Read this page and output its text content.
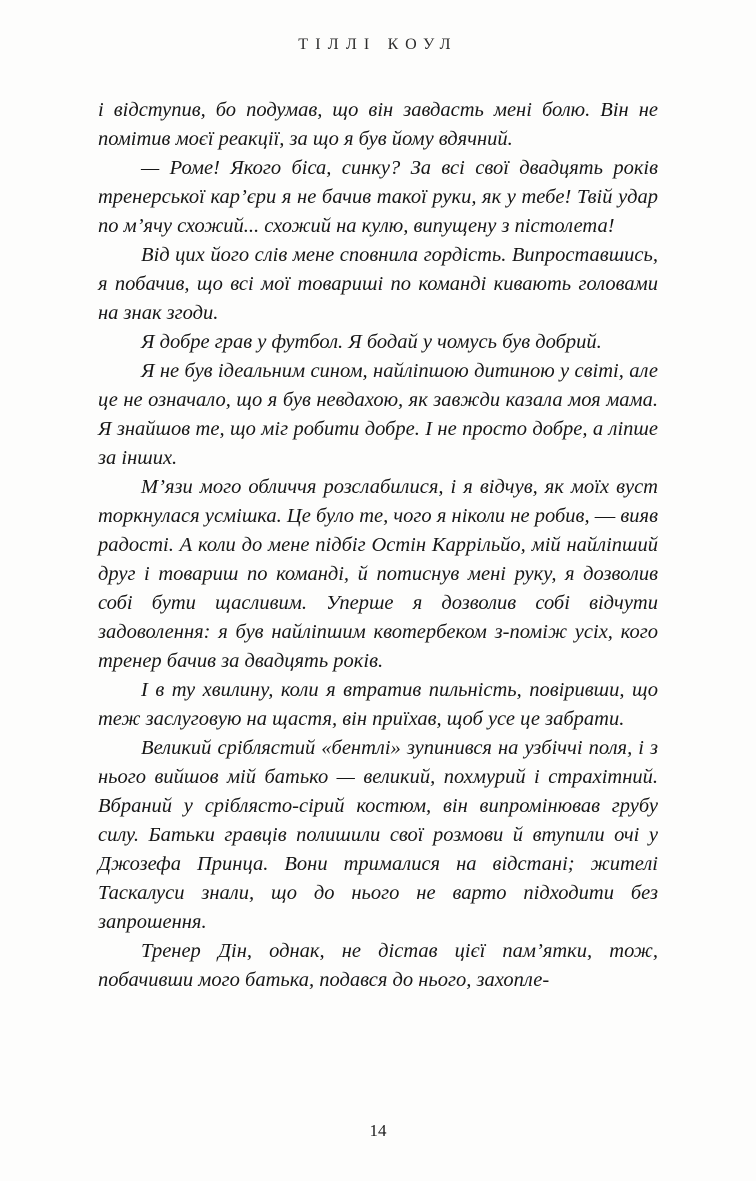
ТІЛЛІ КОУЛ

і відступив, бо подумав, що він завдасть мені болю. Він не помітив моєї реакції, за що я був йому вдячний.

— Роме! Якого біса, синку? За всі свої двадцять років тренерської кар’єри я не бачив такої руки, як у тебе! Твій удар по м’ячу схожий... схожий на кулю, випущену з пістолета!

Від цих його слів мене сповнила гордість. Випроставшись, я побачив, що всі мої товариші по команді кивають головами на знак згоди.

Я добре грав у футбол. Я бодай у чомусь був добрий.

Я не був ідеальним сином, найліпшою дитиною у світі, але це не означало, що я був невдахою, як завжди казала моя мама. Я знайшов те, що міг робити добре. І не просто добре, а ліпше за інших.

М’язи мого обличчя розслабилися, і я відчув, як моїх вуст торкнулася усмішка. Це було те, чого я ніколи не робив, –– вияв радості. А коли до мене підбіг Остін Каррільйо, мій найліпший друг і товариш по команді, й потиснув мені руку, я дозволив собі бути щасливим. Уперше я дозволив собі відчути задоволення: я був найліпшим квотербеком з-поміж усіх, кого тренер бачив за двадцять років.

І в ту хвилину, коли я втратив пильність, повіривши, що теж заслуговую на щастя, він приїхав, щоб усе це забрати.

Великий сріблястий «бентлі» зупинився на узбіччі поля, і з нього вийшов мій батько — великий, похмурий і страхітний. Вбраний у сріблясто-сірий костюм, він випромінював грубу силу. Батьки гравців полишили свої розмови й втупили очі у Джозефа Принца. Вони трималися на відстані; жителі Таскалуси знали, що до нього не варто підходити без запрошення.

Тренер Дін, однак, не дістав цієї пам’ятки, тож, побачивши мого батька, подався до нього, захопле-

14
